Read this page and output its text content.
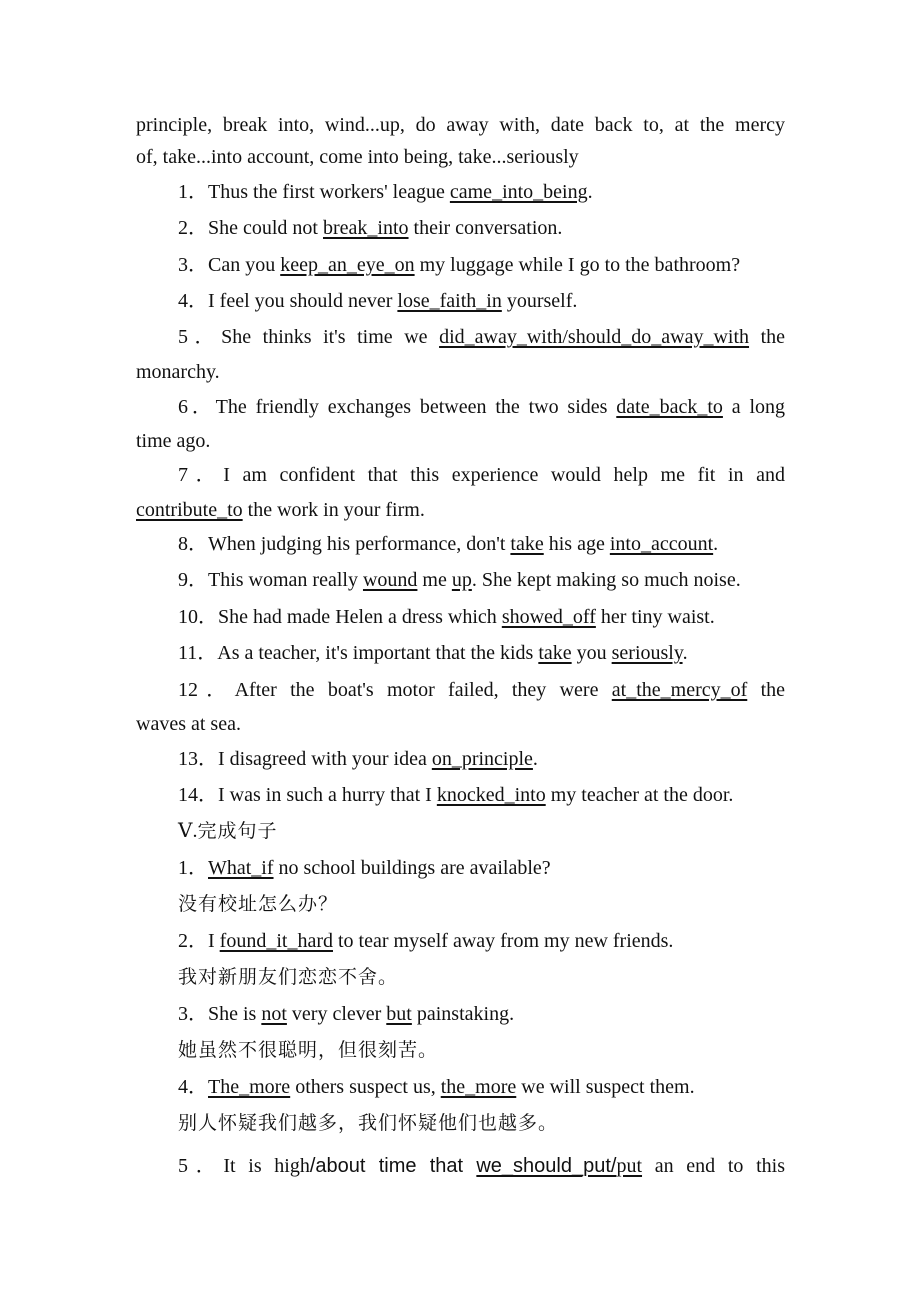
principle, break into, wind...up, do away with, date back to, at the mercy
of, take...into account, come into being, take...seriously
1．Thus the first workers' league came_into_being.
2．She could not break_into their conversation.
3．Can you keep_an_eye_on my luggage while I go to the bathroom?
4．I feel you should never lose_faith_in yourself.
5．She thinks it's time we did_away_with/should_do_away_with the
monarchy.
6．The friendly exchanges between the two sides date_back_to a long
time ago.
7．I am confident that this experience would help me fit in and
contribute_to the work in your firm.
8．When judging his performance, don't take his age into_account.
9．This woman really wound me up. She kept making so much noise.
10．She had made Helen a dress which showed_off her tiny waist.
11．As a teacher, it's important that the kids take you seriously.
12．After the boat's motor failed, they were at_the_mercy_of the
waves at sea.
13．I disagreed with your idea on_principle.
14．I was in such a hurry that I knocked_into my teacher at the door.
Ⅴ.完成句子
1．What_if no school buildings are available?
没有校址怎么办？
2．I found_it_hard to tear myself away from my new friends.
我对新朋友们恋恋不舍。
3．She is not very clever but painstaking.
她虽然不很聪明，但很刻苦。
4．The_more others suspect us, the_more we will suspect them.
别人怀疑我们越多，我们怀疑他们也越多。
5．It is high/about time that we_should_put/put an end to this
